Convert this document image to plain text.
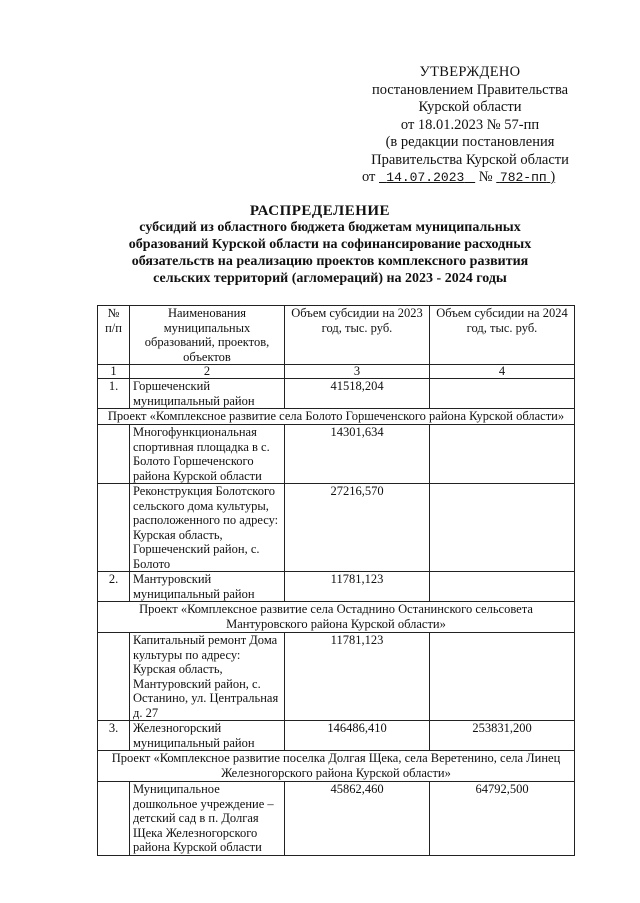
УТВЕРЖДЕНО
постановлением Правительства
Курской области
от 18.01.2023 № 57-пп
(в редакции постановления
Правительства Курской области
от 14.07.2023 № 782-пп )
РАСПРЕДЕЛЕНИЕ
субсидий из областного бюджета бюджетам муниципальных образований Курской области на софинансирование расходных обязательств на реализацию проектов комплексного развития сельских территорий (агломераций) на 2023 - 2024 годы
№ п/п	Наименования муниципальных образований, проектов, объектов	Объем субсидии на 2023 год, тыс. руб.	Объем субсидии на 2024 год, тыс. руб.
1	2	3	4
1.	Горшеченский муниципальный район	41518,204	
Проект «Комплексное развитие села Болото Горшеченского района Курской области»			
	Многофункциональная спортивная площадка в с. Болото Горшеченского района Курской области	14301,634	
	Реконструкция Болотского сельского дома культуры, расположенного по адресу: Курская область, Горшеченский район, с. Болото	27216,570	
2.	Мантуровский муниципальный район	11781,123	
Проект «Комплексное развитие села Остаднино Останинского сельсовета Мантуровского района Курской области»			
	Капитальный ремонт Дома культуры по адресу: Курская область, Мантуровский район, с. Останино, ул. Центральная д. 27	11781,123	
3.	Железногорский муниципальный район	146486,410	253831,200
Проект «Комплексное развитие поселка Долгая Щека, села Веретенино, села Линец Железногорского района Курской области»			
	Муниципальное дошкольное учреждение – детский сад в п. Долгая Щека Железногорского района Курской области	45862,460	64792,500
